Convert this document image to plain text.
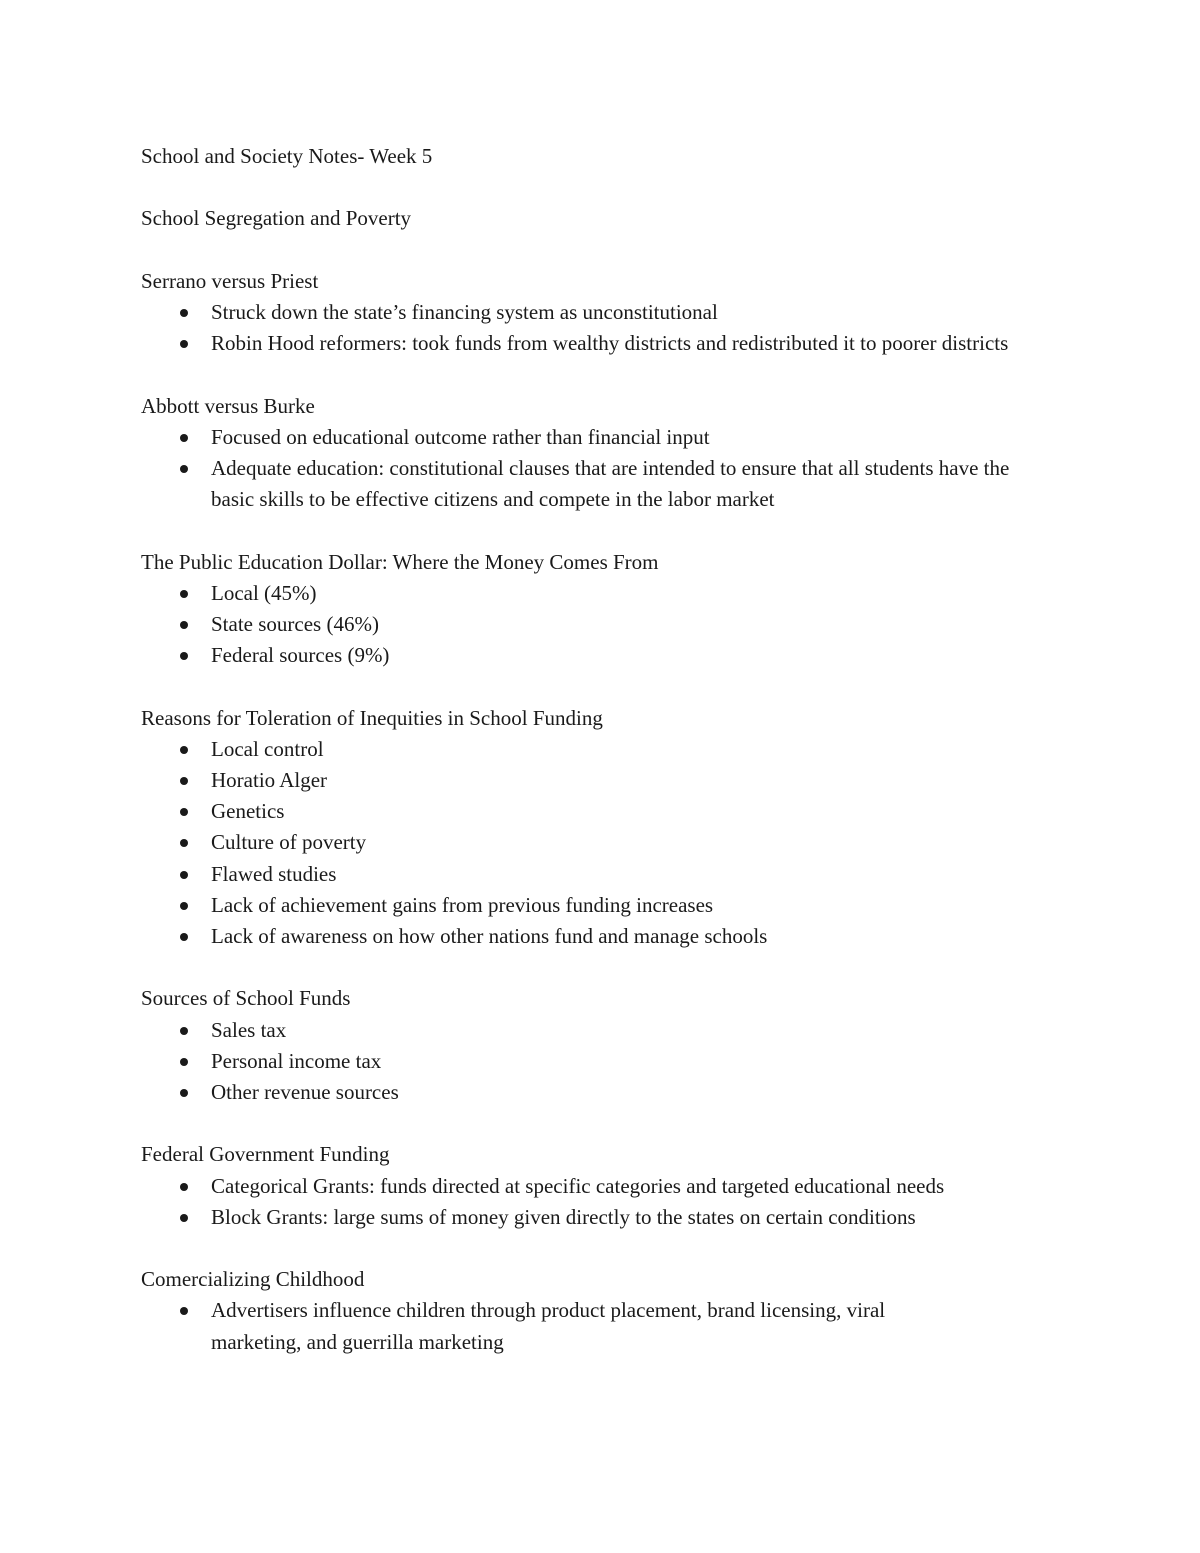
School and Society Notes- Week 5
School Segregation and Poverty
Serrano versus Priest
Struck down the state’s financing system as unconstitutional
Robin Hood reformers: took funds from wealthy districts and redistributed it to poorer districts
Abbott versus Burke
Focused on educational outcome rather than financial input
Adequate education: constitutional clauses that are intended to ensure that all students have the basic skills to be effective citizens and compete in the labor market
The Public Education Dollar: Where the Money Comes From
Local (45%)
State sources (46%)
Federal sources (9%)
Reasons for Toleration of Inequities in School Funding
Local control
Horatio Alger
Genetics
Culture of poverty
Flawed studies
Lack of achievement gains from previous funding increases
Lack of awareness on how other nations fund and manage schools
Sources of School Funds
Sales tax
Personal income tax
Other revenue sources
Federal Government Funding
Categorical Grants: funds directed at specific categories and targeted educational needs
Block Grants: large sums of money given directly to the states on certain conditions
Comercializing Childhood
Advertisers influence children through product placement, brand licensing, viral marketing, and guerrilla marketing
